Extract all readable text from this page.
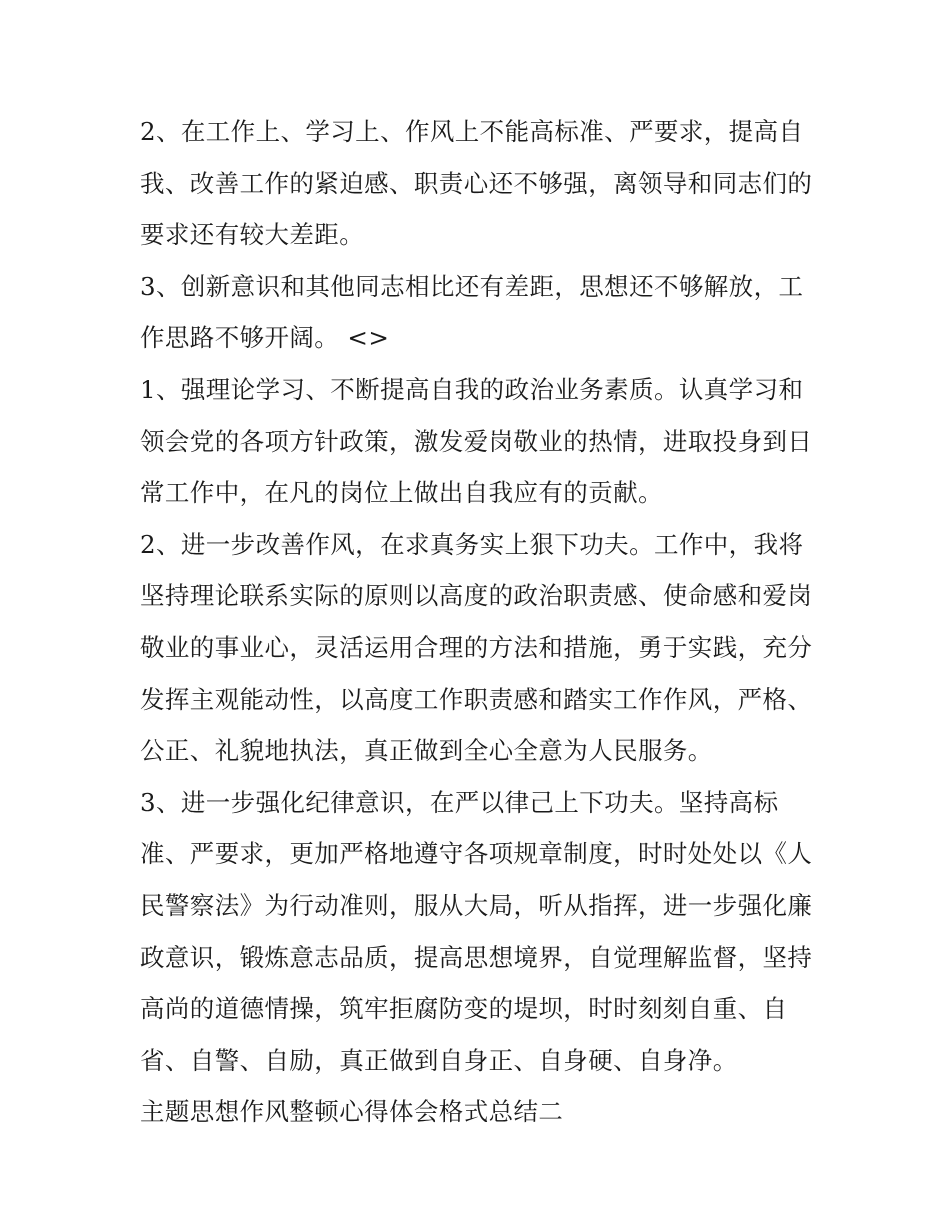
2、在工作上、学习上、作风上不能高标准、严要求，提高自
我、改善工作的紧迫感、职责心还不够强，离领导和同志们的
要求还有较大差距。
3、创新意识和其他同志相比还有差距，思想还不够解放，工
作思路不够开阔。 <>
1、强理论学习、不断提高自我的政治业务素质。认真学习和
领会党的各项方针政策，激发爱岗敬业的热情，进取投身到日
常工作中，在凡的岗位上做出自我应有的贡献。
2、进一步改善作风，在求真务实上狠下功夫。工作中，我将
坚持理论联系实际的原则以高度的政治职责感、使命感和爱岗
敬业的事业心，灵活运用合理的方法和措施，勇于实践，充分
发挥主观能动性，以高度工作职责感和踏实工作作风，严格、
公正、礼貌地执法，真正做到全心全意为人民服务。
3、进一步强化纪律意识，在严以律己上下功夫。坚持高标
准、严要求，更加严格地遵守各项规章制度，时时处处以《人
民警察法》为行动准则，服从大局，听从指挥，进一步强化廉
政意识，锻炼意志品质，提高思想境界，自觉理解监督，坚持
高尚的道德情操，筑牢拒腐防变的堤坝，时时刻刻自重、自
省、自警、自励，真正做到自身正、自身硬、自身净。
主题思想作风整顿心得体会格式总结二
